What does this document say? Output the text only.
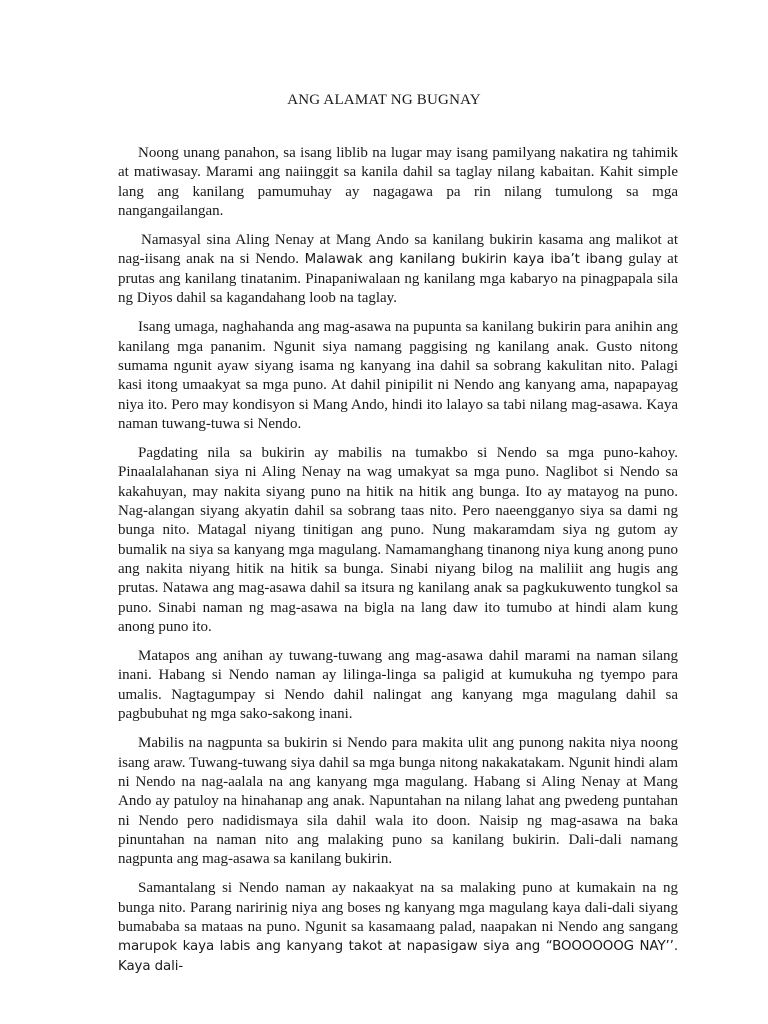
ANG ALAMAT NG BUGNAY

Noong unang panahon, sa isang liblib na lugar may isang pamilyang nakatira ng tahimik at matiwasay. Marami ang naiinggit sa kanila dahil sa taglay nilang kabaitan. Kahit simple lang ang kanilang pamumuhay ay nagagawa pa rin nilang tumulong sa mga nangangailangan.

Namasyal sina Aling Nenay at Mang Ando sa kanilang bukirin kasama ang malikot at nag-iisang anak na si Nendo. Malawak ang kanilang bukirin kaya iba’t ibang gulay at prutas ang kanilang tinatanim. Pinapaniwalaan ng kanilang mga kabaryo na pinagpapala sila ng Diyos dahil sa kagandahang loob na taglay.

Isang umaga, naghahanda ang mag-asawa na pupunta sa kanilang bukirin para anihin ang kanilang mga pananim. Ngunit siya namang paggising ng kanilang anak. Gusto nitong sumama ngunit ayaw siyang isama ng kanyang ina dahil sa sobrang kakulitan nito. Palagi kasi itong umaakyat sa mga puno. At dahil pinipilit ni Nendo ang kanyang ama, napapayag niya ito. Pero may kondisyon si Mang Ando, hindi ito lalayo sa tabi nilang mag-asawa. Kaya naman tuwang-tuwa si Nendo.

Pagdating nila sa bukirin ay mabilis na tumakbo si Nendo sa mga puno-kahoy. Pinaalalahanan siya ni Aling Nenay na wag umakyat sa mga puno. Naglibot si Nendo sa kakahuyan, may nakita siyang puno na hitik na hitik ang bunga. Ito ay matayog na puno. Nag-alangan siyang akyatin dahil sa sobrang taas nito. Pero naeengganyo siya sa dami ng bunga nito. Matagal niyang tinitigan ang puno. Nung makaramdam siya ng gutom ay bumalik na siya sa kanyang mga magulang. Namamanghang tinanong niya kung anong puno ang nakita niyang hitik na hitik sa bunga. Sinabi niyang bilog na maliliit ang hugis ang prutas. Natawa ang mag-asawa dahil sa itsura ng kanilang anak sa pagkukuwento tungkol sa puno. Sinabi naman ng mag-asawa na bigla na lang daw ito tumubo at hindi alam kung anong puno ito.

Matapos ang anihan ay tuwang-tuwang ang mag-asawa dahil marami na naman silang inani. Habang si Nendo naman ay lilinga-linga sa paligid at kumukuha ng tyempo para umalis. Nagtagumpay si Nendo dahil nalingat ang kanyang mga magulang dahil sa pagbubuhat ng mga sako-sakong inani.

Mabilis na nagpunta sa bukirin si Nendo para makita ulit ang punong nakita niya noong isang araw. Tuwang-tuwang siya dahil sa mga bunga nitong nakakatakam. Ngunit hindi alam ni Nendo na nag-aalala na ang kanyang mga magulang. Habang si Aling Nenay at Mang Ando ay patuloy na hinahanap ang anak. Napuntahan na nilang lahat ang pwedeng puntahan ni Nendo pero nadidismaya sila dahil wala ito doon. Naisip ng mag-asawa na baka pinuntahan na naman nito ang malaking puno sa kanilang bukirin. Dali-dali namang nagpunta ang mag-asawa sa kanilang bukirin.

Samantalang si Nendo naman ay nakaakyat na sa malaking puno at kumakain na ng bunga nito. Parang naririnig niya ang boses ng kanyang mga magulang kaya dali-dali siyang bumababa sa mataas na puno. Ngunit sa kasamaang palad, naapakan ni Nendo ang sangang marupok kaya labis ang kanyang takot at napasigaw siya ang “BOOOOOOG NAY’’. Kaya dali-
